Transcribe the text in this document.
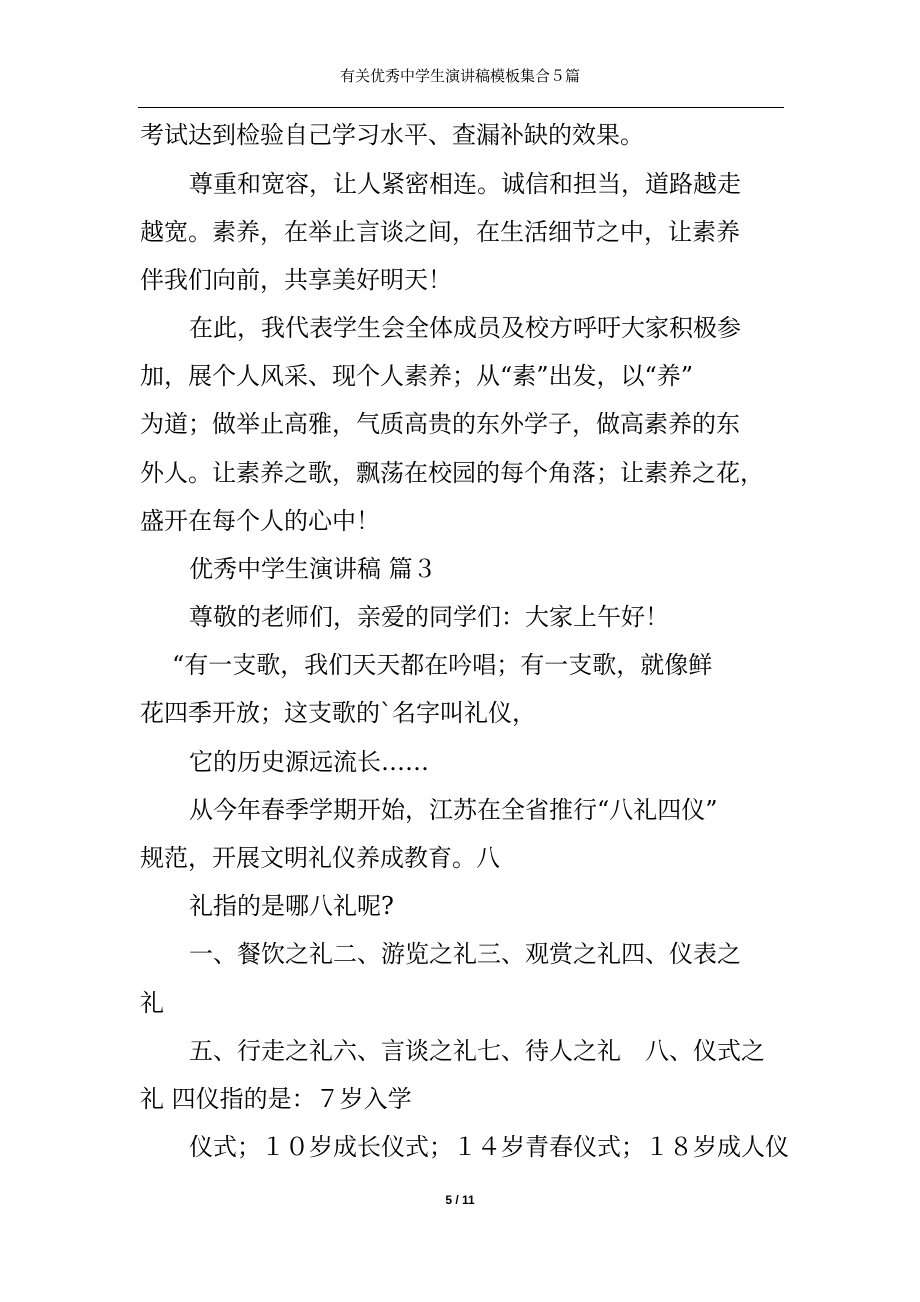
有关优秀中学生演讲稿模板集合５篇
考试达到检验自己学习水平、查漏补缺的效果。
尊重和宽容，让人紧密相连。诚信和担当，道路越走
越宽。素养，在举止言谈之间，在生活细节之中，让素养
伴我们向前，共享美好明天！
在此，我代表学生会全体成员及校方呼吁大家积极参
加，展个人风采、现个人素养；从“素”出发，以“养”
为道；做举止高雅，气质高贵的东外学子，做高素养的东
外人。让素养之歌，飘荡在校园的每个角落；让素养之花，
盛开在每个人的心中！
优秀中学生演讲稿 篇３
尊敬的老师们，亲爱的同学们：大家上午好！
“有一支歌，我们天天都在吟唱；有一支歌，就像鲜
花四季开放；这支歌的`名字叫礼仪，
它的历史源远流长……
从今年春季学期开始，江苏在全省推行“八礼四仪”
规范，开展文明礼仪养成教育。八
礼指的是哪八礼呢?
一、餐饮之礼二、游览之礼三、观赏之礼四、仪表之
礼
五、行走之礼六、言谈之礼七、待人之礼　八、仪式之
礼 四仪指的是：７岁入学
仪式；１０岁成长仪式；１４岁青春仪式；１８岁成人仪
5 / 11
